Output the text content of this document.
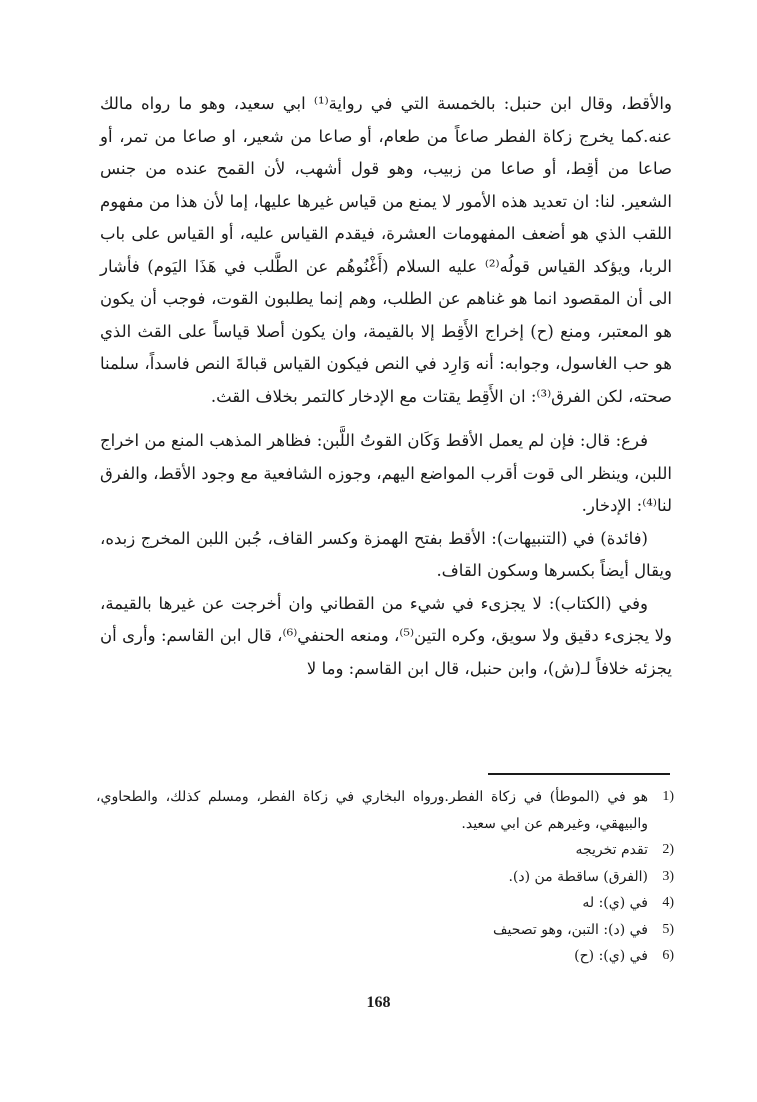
والأقط، وقال ابن حنبل: بالخمسة التي في رواية⁽¹⁾ ابي سعيد، وهو ما رواه مالك عنه.كما يخرج زكاة الفطر صاعاً من طعام، أو صاعا من شعير، او صاعا من تمر، أو صاعا من أقِط، أو صاعا من زبيب، وهو قول أشهب، لأن القمح عنده من جنس الشعير. لنا: ان تعديد هذه الأمور لا يمنع من قياس غيرها عليها، إما لأن هذا من مفهوم اللقب الذي هو أضعف المفهومات العشرة، فيقدم القياس عليه، أو القياس على باب الربا، ويؤكد القياس قولُه⁽²⁾ عليه السلام (أَغْنُوهُم عن الطَّلب في هَذَا اليَوم) فأشار الى أن المقصود انما هو غناهم عن الطلب، وهم إنما يطلبون القوت، فوجب أن يكون هو المعتبر، ومنع (ح) إخراج الأَقِط إلا بالقيمة، وان يكون أصلا قياساً على القث الذي هو حب الغاسول، وجوابه: أنه وَارِد في النص فيكون القياس قبالةَ النص فاسداً، سلمنا صحته، لكن الفرق⁽³⁾: ان الأَقِط يقتات مع الإدخار كالتمر بخلاف القث.

فرع: قال: فإن لم يعمل الأقط وَكَان القوتُ اللَّبن: فظاهر المذهب المنع من اخراج اللبن، وينظر الى قوت أقرب المواضع اليهم، وجوزه الشافعية مع وجود الأقط، والفرق لنا⁽⁴⁾: الإدخار.

(فائدة) في (التنبيهات): الأقط بفتح الهمزة وكسر القاف، جُبن اللبن المخرج زبده، ويقال أيضاً بكسرها وسكون القاف.

وفي (الكتاب): لا يجزىء في شيء من القطاني وان أخرجت عن غيرها بالقيمة، ولا يجزىء دقيق ولا سويق، وكره التين⁽⁵⁾، ومنعه الحنفي⁽⁶⁾، قال ابن القاسم: وأرى أن يجزئه خلافاً لـ(ش)، وابن حنبل، قال ابن القاسم: وما لا

1)
هو في (الموطأ) في زكاة الفطر.ورواه البخاري في زكاة الفطر، ومسلم كذلك، والطحاوي، والبيهقي، وغيرهم عن ابي سعيد.

2)
تقدم تخريجه

3)
(الفرق) ساقطة من (د).

4)
في (ي): له

5)
في (د): التبن، وهو تصحيف

6)
في (ي): (ح)

168
